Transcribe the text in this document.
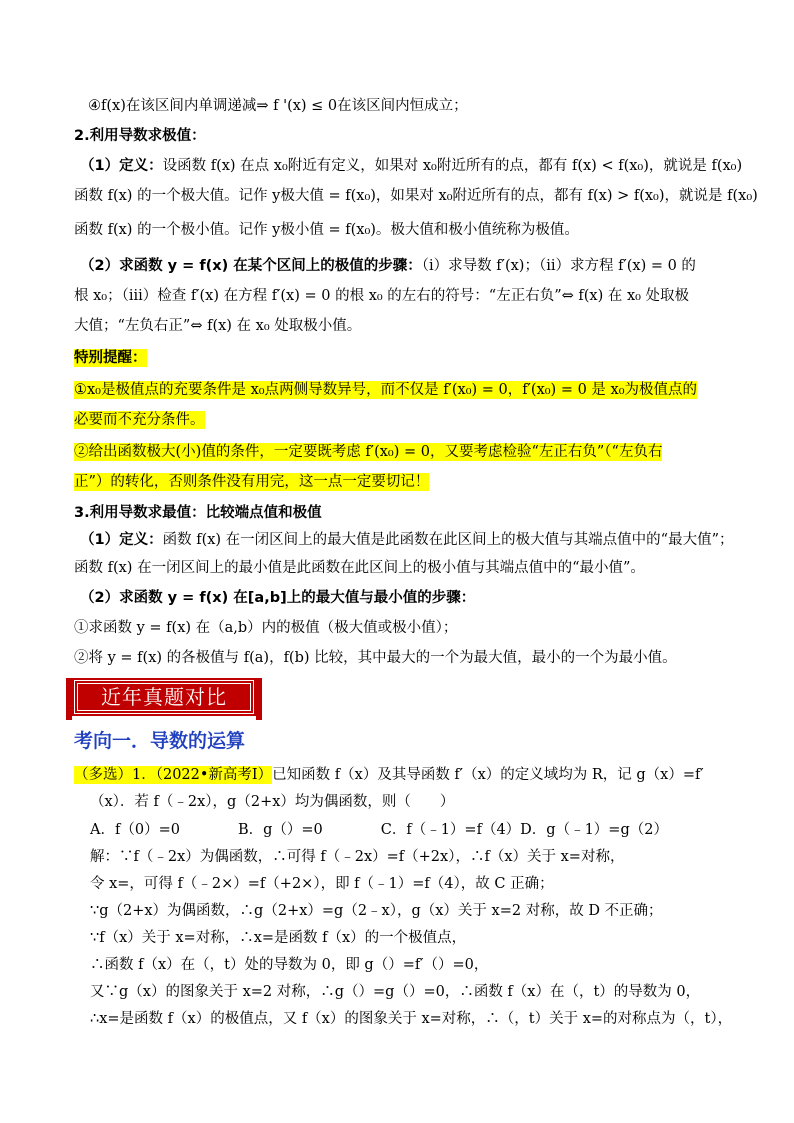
④f(x)在该区间内单调递减⇒ f '(x) ≤ 0在该区间内恒成立；
2.利用导数求极值：
（1）定义：设函数 f(x) 在点 x₀附近有定义，如果对 x₀附近所有的点，都有 f(x) < f(x₀)，就说是 f(x₀)
函数 f(x) 的一个极大值。记作 y极大值 = f(x₀)，如果对 x₀附近所有的点，都有 f(x) > f(x₀)，就说是 f(x₀)
函数 f(x) 的一个极小值。记作 y极小值 = f(x₀)。极大值和极小值统称为极值。
（2）求函数 y = f(x) 在某个区间上的极值的步骤：（i）求导数 f′(x)；（ii）求方程 f′(x) = 0 的
根 x₀；（iii）检查 f′(x) 在方程 f′(x) = 0 的根 x₀ 的左右的符号：“左正右负”⇔ f(x) 在 x₀ 处取极
大值；“左负右正”⇔ f(x) 在 x₀ 处取极小值。
特别提醒：
①x₀是极值点的充要条件是 x₀点两侧导数异号，而不仅是 f′(x₀) = 0，f′(x₀) = 0 是 x₀为极值点的
必要而不充分条件。
②给出函数极大(小)值的条件，一定要既考虑 f′(x₀) = 0，又要考虑检验“左正右负”（“左负右
正”）的转化，否则条件没有用完，这一点一定要切记！
3.利用导数求最值：比较端点值和极值
（1）定义：函数 f(x) 在一闭区间上的最大值是此函数在此区间上的极大值与其端点值中的“最大值”；
函数 f(x) 在一闭区间上的最小值是此函数在此区间上的极小值与其端点值中的“最小值”。
（2）求函数 y = f(x) 在[a,b]上的最大值与最小值的步骤：
①求函数 y = f(x) 在（a,b）内的极值（极大值或极小值）；
②将 y = f(x) 的各极值与 f(a)，f(b) 比较，其中最大的一个为最大值，最小的一个为最小值。
近年真题对比
考向一．导数的运算
（多选）1．（2022•新高考Ⅰ）已知函数 f（x）及其导函数 f′（x）的定义域均为 R，记 g（x）=f′
（x）．若 f（﹣2x），g（2+x）均为偶函数，则（　　）
A．f（0）=0　　　　B．g（）=0　　　　C．f（﹣1）=f（4）D．g（﹣1）=g（2）
解：∵f（﹣2x）为偶函数，∴可得 f（﹣2x）=f（+2x），∴f（x）关于 x=对称，
令 x=，可得 f（﹣2×）=f（+2×），即 f（﹣1）=f（4），故 C 正确；
∵g（2+x）为偶函数，∴g（2+x）=g（2﹣x），g（x）关于 x=2 对称，故 D 不正确；
∵f（x）关于 x=对称，∴x=是函数 f（x）的一个极值点，
∴函数 f（x）在（，t）处的导数为 0，即 g（）=f′（）=0，
又∵g（x）的图象关于 x=2 对称，∴g（）=g（）=0，∴函数 f（x）在（，t）的导数为 0，
∴x=是函数 f（x）的极值点，又 f（x）的图象关于 x=对称，∴（，t）关于 x=的对称点为（，t），
